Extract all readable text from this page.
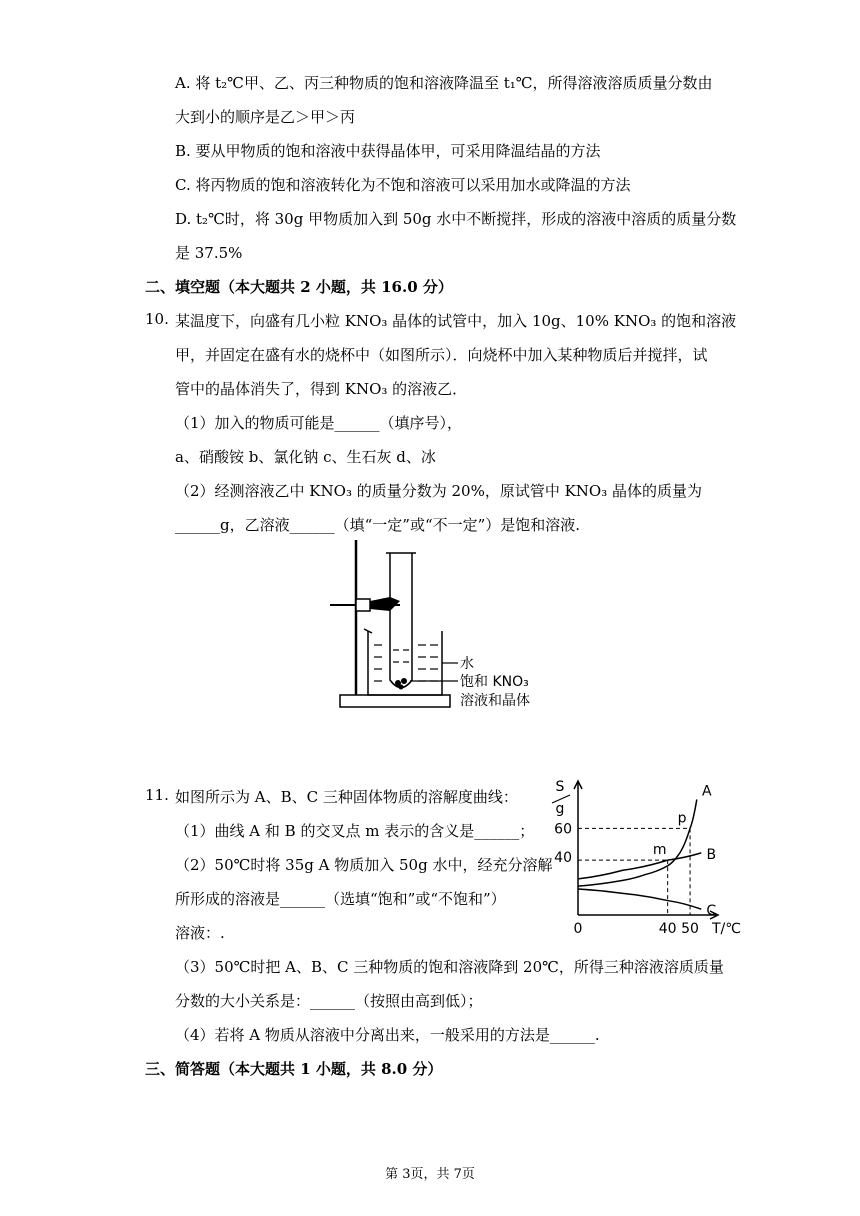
A. 将 t₂℃甲、乙、丙三种物质的饱和溶液降温至 t₁℃，所得溶液溶质质量分数由
大到小的顺序是乙＞甲＞丙
B. 要从甲物质的饱和溶液中获得晶体甲，可采用降温结晶的方法
C. 将丙物质的饱和溶液转化为不饱和溶液可以采用加水或降温的方法
D. t₂℃时，将 30g 甲物质加入到 50g 水中不断搅拌，形成的溶液中溶质的质量分数
是 37.5%
二、填空题（本大题共 2 小题，共 16.0 分）
10. 某温度下，向盛有几小粒 KNO₃ 晶体的试管中，加入 10g、10% KNO₃ 的饱和溶液
甲，并固定在盛有水的烧杯中（如图所示）．向烧杯中加入某种物质后并搅拌，试
管中的晶体消失了，得到 KNO₃ 的溶液乙．
（1）加入的物质可能是______（填序号），
a、硝酸铵 b、氯化钠 c、生石灰 d、冰
（2）经测溶液乙中 KNO₃ 的质量分数为 20%，原试管中 KNO₃ 晶体的质量为
______g，乙溶液______（填“一定”或“不一定”）是饱和溶液.
水
饱和 KNO₃
溶液和晶体
11. 如图所示为 A、B、C 三种固体物质的溶解度曲线：
（1）曲线 A 和 B 的交叉点 m 表示的含义是______；
（2）50℃时将 35g A 物质加入 50g 水中，经充分溶解
所形成的溶液是______（选填“饱和”或“不饱和”）
溶液：.
（3）50℃时把 A、B、C 三种物质的饱和溶液降到 20℃，所得三种溶液溶质质量
分数的大小关系是：______（按照由高到低）；
（4）若将 A 物质从溶液中分离出来，一般采用的方法是______.
S
g
40
60
0	40 50 T/℃
m
p
A
B
C
三、简答题（本大题共 1 小题，共 8.0 分）
第 3页，共 7页
